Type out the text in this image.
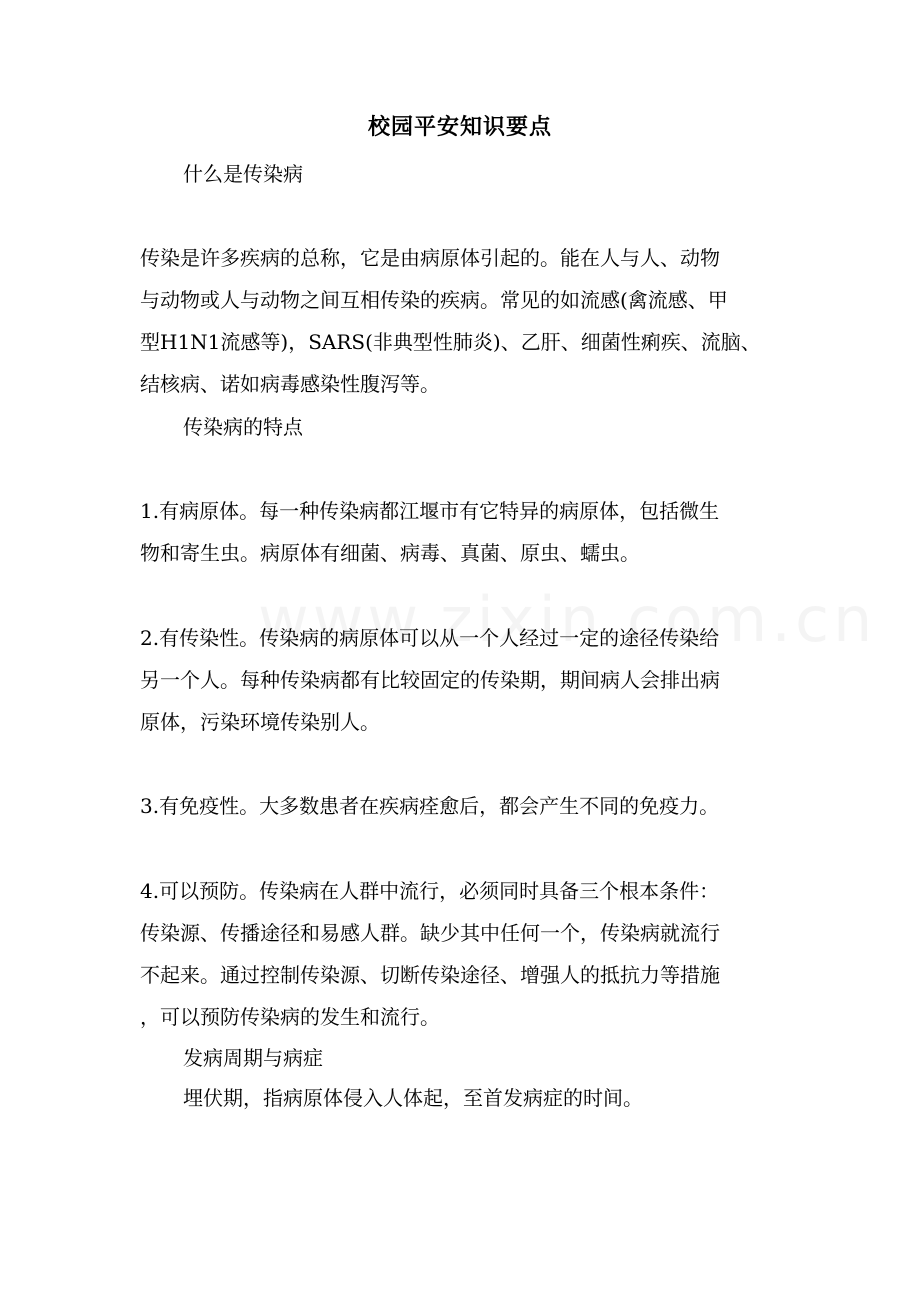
校园平安知识要点
什么是传染病
传染是许多疾病的总称，它是由病原体引起的。能在人与人、动物
与动物或人与动物之间互相传染的疾病。常见的如流感(禽流感、甲
型H1N1流感等)，SARS(非典型性肺炎)、乙肝、细菌性痢疾、流脑、
结核病、诺如病毒感染性腹泻等。
传染病的特点
1.有病原体。每一种传染病都江堰市有它特异的病原体，包括微生
物和寄生虫。病原体有细菌、病毒、真菌、原虫、蠕虫。
2.有传染性。传染病的病原体可以从一个人经过一定的途径传染给
另一个人。每种传染病都有比较固定的传染期，期间病人会排出病
原体，污染环境传染别人。
3.有免疫性。大多数患者在疾病痊愈后，都会产生不同的免疫力。
4.可以预防。传染病在人群中流行，必须同时具备三个根本条件：
传染源、传播途径和易感人群。缺少其中任何一个，传染病就流行
不起来。通过控制传染源、切断传染途径、增强人的抵抗力等措施
，可以预防传染病的发生和流行。
发病周期与病症
埋伏期，指病原体侵入人体起，至首发病症的时间。
